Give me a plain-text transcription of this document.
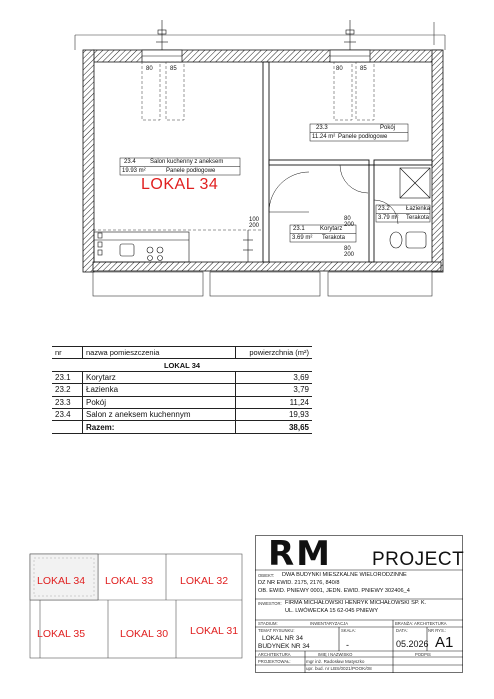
80	85	80	85
LOKAL 34
23.4 Salon kuchenny z aneksem
19.93 m²	Panele podłogowe
23.3	Pokój
11.24 m² Panele podłogowe
23.2	Łazienka
3.79 m² Terakota
23.1	Korytarz
3.69 m² Terakota
100
200
80
200
80
200
nr	nazwa pomieszczenia	powierzchnia (m²)
LOKAL 34		
23.1	Korytarz	3,69
23.2	Łazienka	3,79
23.3	Pokój	11,24
23.4	Salon z aneksem kuchennym	19,93
	Razem:	38,65
LOKAL 34 LOKAL 33	LOKAL 32
LOKAL 35	LOKAL 30 LOKAL 31
RM PROJECT
OBIEKT: DWA BUDYNKI MIESZKALNE WIELORODZINNE
DZ NR EWID. 2175, 2176, 840/8
OB. EWID. PNIEWY 0001, JEDN. EWID. PNIEWY 302406_4
INWESTOR: FIRMA MICHAŁOWSKI HENRYK MICHAŁOWSKI SP. K.
UL. LWÓWECKA 15 62-045 PNIEWY
STADIUM:	INWENTARYZACJA	BRANŻA: ARCHITEKTURA
TEMAT RYSUNKU:
LOKAL NR 34
BUDYNEK NR 34
SKALA:
-
DATA:
05.2026
NR RYS.:
A1
ARCHITEKTURA	IMIĘ I NAZWISKO	PODPIS
PROJEKTOWAŁ:	mgr inż. Radosław Matyszko
upr. bud. nr LBS/0021/POOK/08
